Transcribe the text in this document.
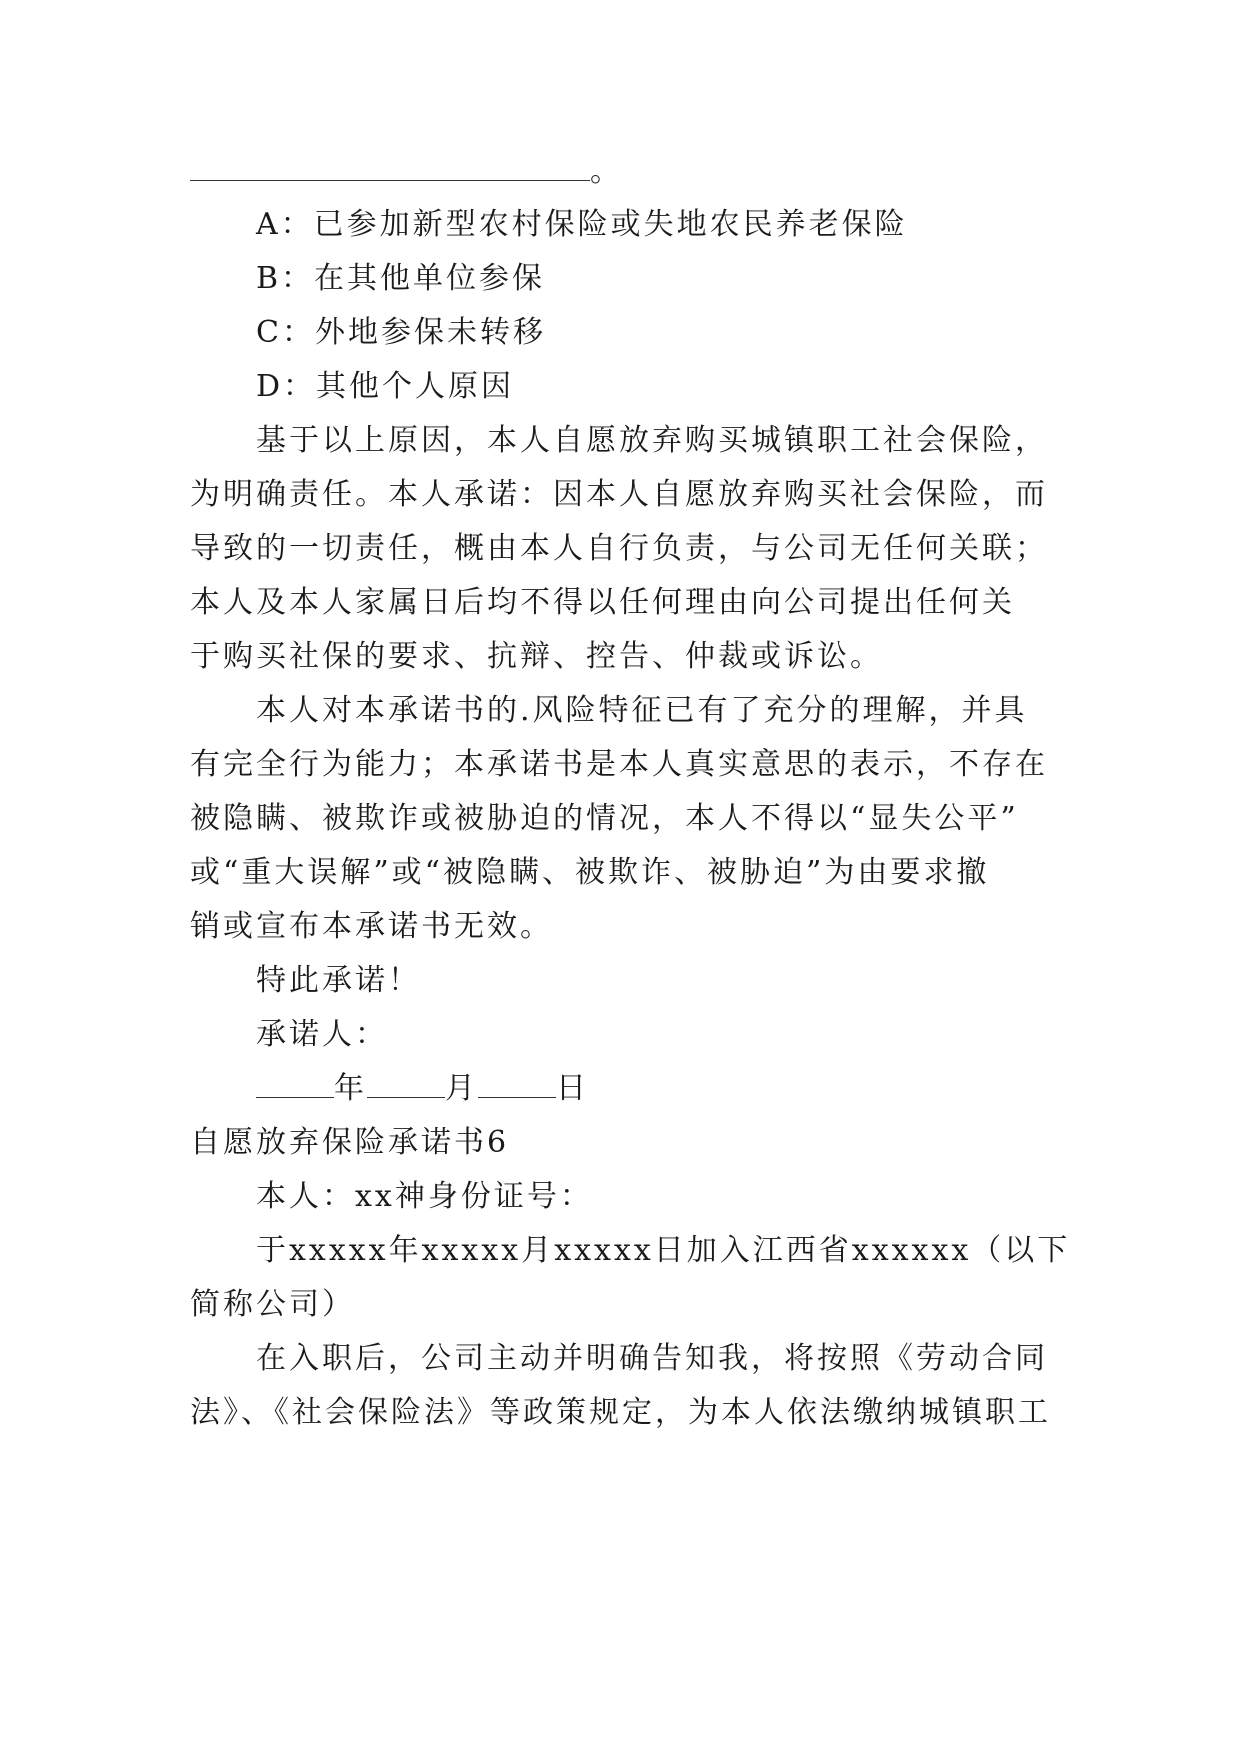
。
A：已参加新型农村保险或失地农民养老保险
B：在其他单位参保
C：外地参保未转移
D：其他个人原因
基于以上原因，本人自愿放弃购买城镇职工社会保险，
为明确责任。本人承诺：因本人自愿放弃购买社会保险，而
导致的一切责任，概由本人自行负责，与公司无任何关联；
本人及本人家属日后均不得以任何理由向公司提出任何关
于购买社保的要求、抗辩、控告、仲裁或诉讼。
本人对本承诺书的.风险特征已有了充分的理解，并具
有完全行为能力；本承诺书是本人真实意思的表示，不存在
被隐瞒、被欺诈或被胁迫的情况，本人不得以“显失公平”
或“重大误解”或“被隐瞒、被欺诈、被胁迫”为由要求撤
销或宣布本承诺书无效。
特此承诺！
承诺人：
年	月	日
自愿放弃保险承诺书6
本人：xx神身份证号：
于xxxxx年xxxxx月xxxxx日加入江西省xxxxxx（以下
简称公司）
在入职后，公司主动并明确告知我，将按照《劳动合同
法》、《社会保险法》等政策规定，为本人依法缴纳城镇职工
